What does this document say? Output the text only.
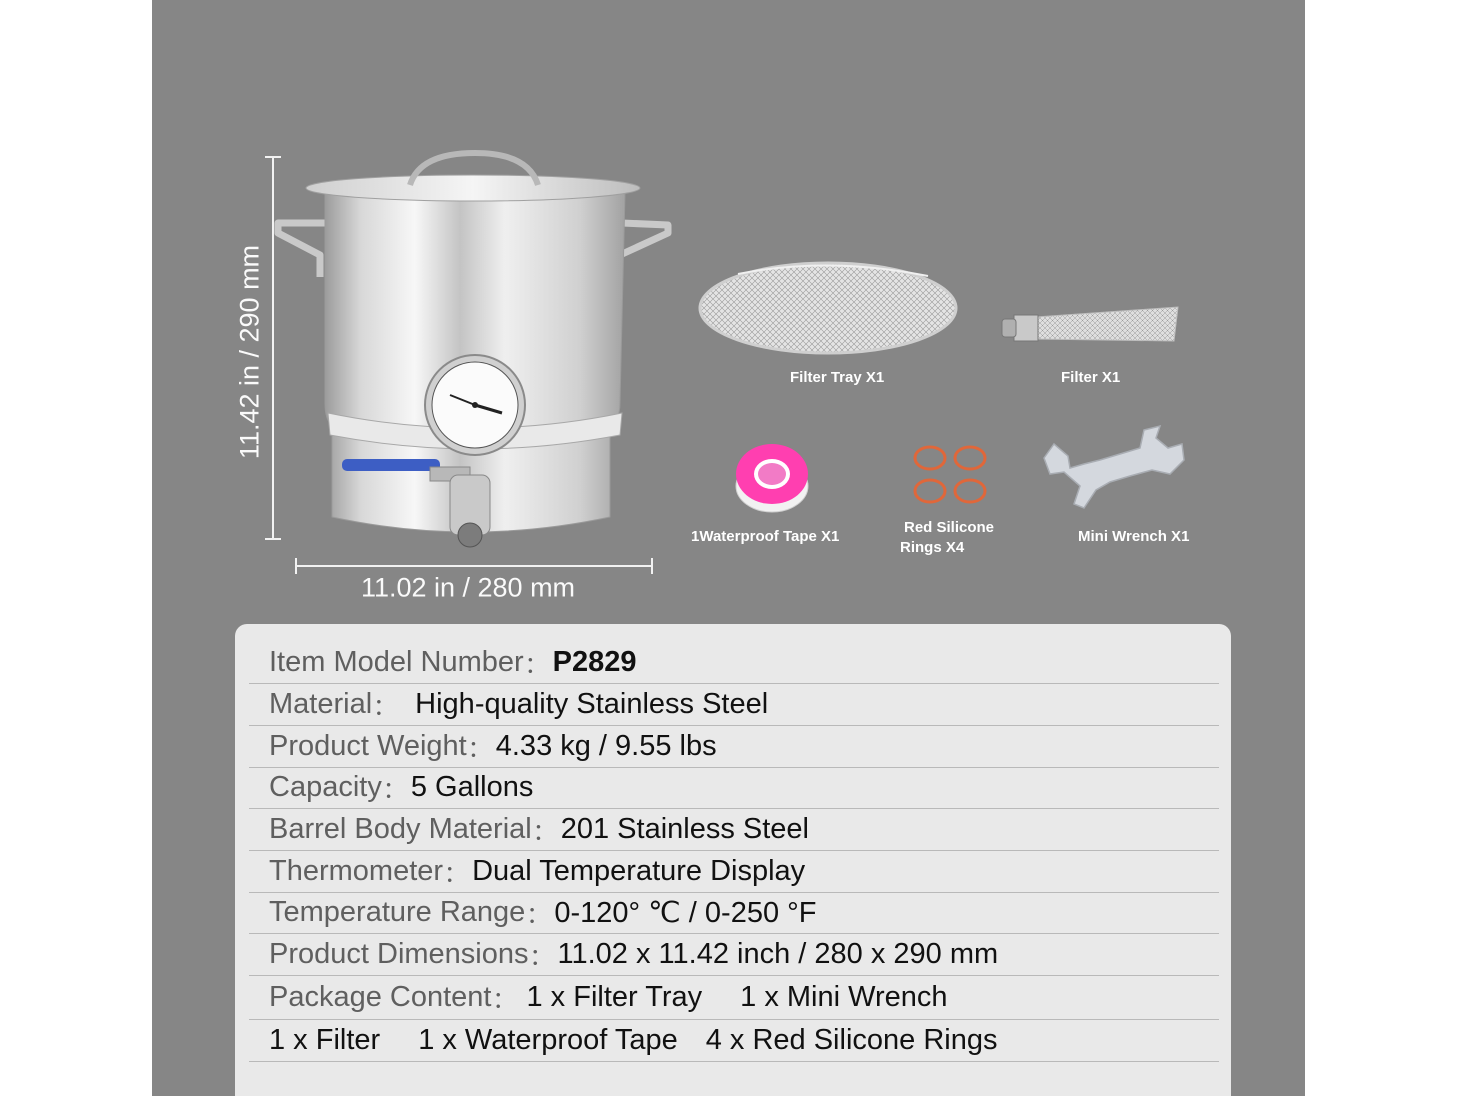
11.42 in / 290 mm
11.02 in / 280 mm
Filter Tray X1	Filter X1
1Waterproof Tape X1
Red Silicone
Rings X4
Mini Wrench X1
Item Model Number ： P2829
Material ： High-quality Stainless Steel
Product Weight ： 4.33 kg / 9.55 lbs
Capacity ： 5 Gallons
Barrel Body Material ： 201 Stainless Steel
Thermometer ： Dual Temperature Display
Temperature Range ： 0-120° ℃ / 0-250 °F
Product Dimensions ： 11.02 x 11.42 inch / 280 x 290 mm
Package Content ： 1 x Filter Tray 1 x Mini Wrench
1 x Filter 1 x Waterproof Tape 4 x Red Silicone Rings
